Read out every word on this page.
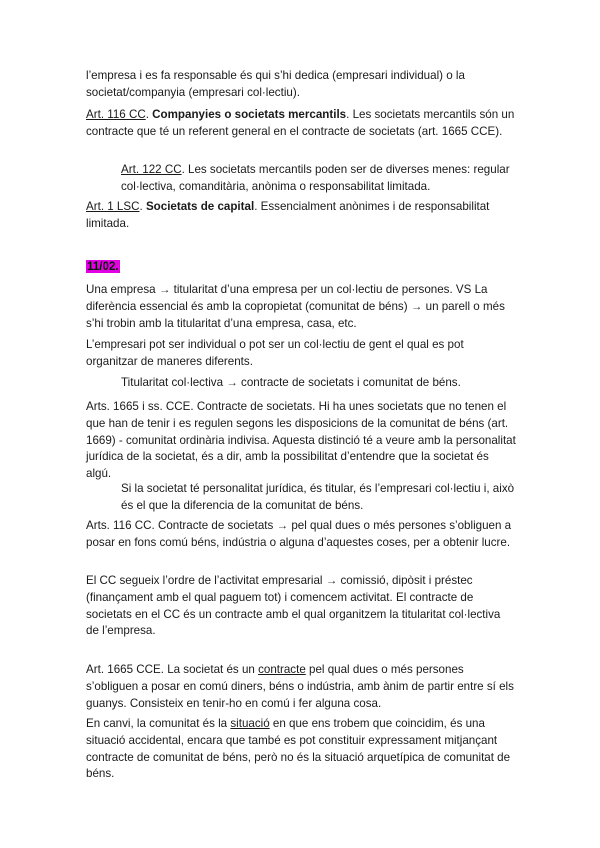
l’empresa i es fa responsable és qui s’hi dedica (empresari individual) o la societat/companyia (empresari col·lectiu).

Art. 116 CC. Companyies o societats mercantils. Les societats mercantils són un contracte que té un referent general en el contracte de societats (art. 1665 CCE).

Art. 122 CC. Les societats mercantils poden ser de diverses menes: regular col·lectiva, comanditària, anònima o responsabilitat limitada.

Art. 1 LSC. Societats de capital. Essencialment anònimes i de responsabilitat limitada.

11/02.

Una empresa → titularitat d’una empresa per un col·lectiu de persones. VS La diferència essencial és amb la copropietat (comunitat de béns) → un parell o més s’hi trobin amb la titularitat d’una empresa, casa, etc.

L’empresari pot ser individual o pot ser un col·lectiu de gent el qual es pot organitzar de maneres diferents.

Titularitat col·lectiva → contracte de societats i comunitat de béns.

Arts. 1665 i ss. CCE. Contracte de societats. Hi ha unes societats que no tenen el que han de tenir i es regulen segons les disposicions de la comunitat de béns (art. 1669) - comunitat ordinària indivisa. Aquesta distinció té a veure amb la personalitat jurídica de la societat, és a dir, amb la possibilitat d’entendre que la societat és algú.

Si la societat té personalitat jurídica, és titular, és l’empresari col·lectiu i, això és el que la diferencia de la comunitat de béns.

Arts. 116 CC. Contracte de societats → pel qual dues o més persones s’obliguen a posar en fons comú béns, indústria o alguna d’aquestes coses, per a obtenir lucre.

El CC segueix l’ordre de l’activitat empresarial → comissió, dipòsit i préstec (finançament amb el qual paguem tot) i comencem activitat. El contracte de societats en el CC és un contracte amb el qual organitzem la titularitat col·lectiva de l’empresa.

Art. 1665 CCE. La societat és un contracte pel qual dues o més persones s’obliguen a posar en comú diners, béns o indústria, amb ànim de partir entre sí els guanys. Consisteix en tenir-ho en comú i fer alguna cosa.

En canvi, la comunitat és la situació en que ens trobem que coincidim, és una situació accidental, encara que també es pot constituir expressament mitjançant contracte de comunitat de béns, però no és la situació arquetípica de comunitat de béns.
